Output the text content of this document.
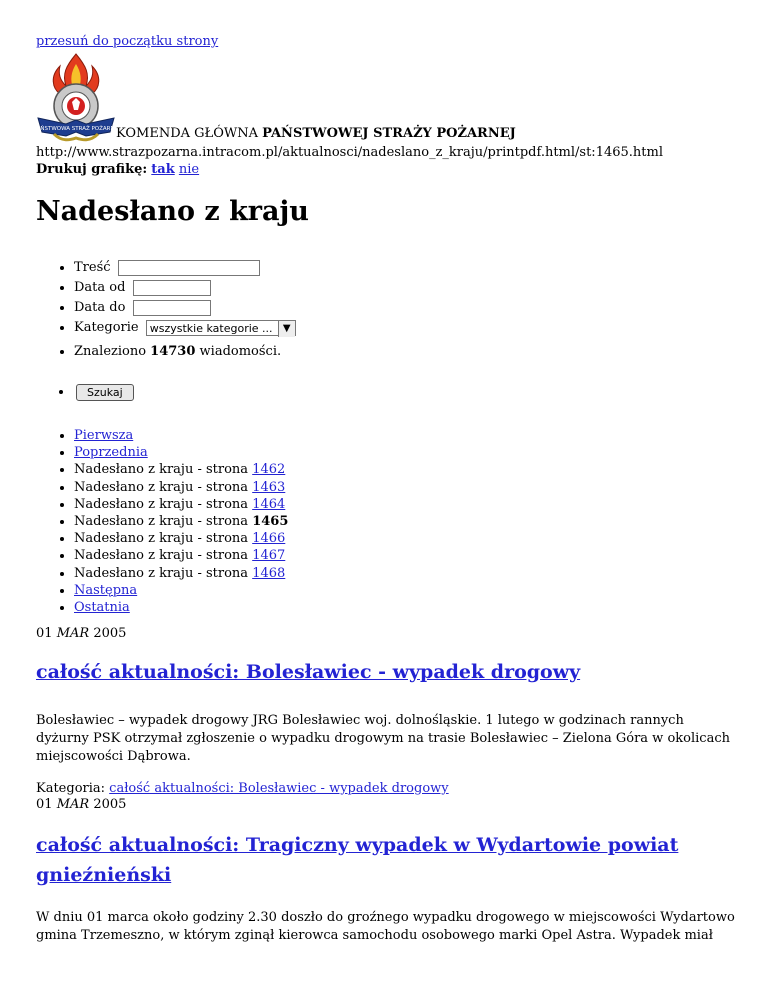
przesuń do początku strony
PAŃSTWOWA STRAŻ POŻARNA
KOMENDA GŁÓWNA PAŃSTWOWEJ STRAŻY POŻARNEJ
http://www.strazpozarna.intracom.pl/aktualnosci/nadeslano_z_kraju/printpdf.html/st:1465.html
Drukuj grafikę: tak nie
Nadesłano z kraju
• Treść
• Data od
• Data do
• Kategorie wszystkie kategorie ...	▼
• Znaleziono 14730 wiadomości.
• Szukaj
• Pierwsza
• Poprzednia
• Nadesłano z kraju - strona 1462
• Nadesłano z kraju - strona 1463
• Nadesłano z kraju - strona 1464
• Nadesłano z kraju - strona 1465
• Nadesłano z kraju - strona 1466
• Nadesłano z kraju - strona 1467
• Nadesłano z kraju - strona 1468
• Następna
• Ostatnia
01 MAR 2005
całość aktualności: Bolesławiec - wypadek drogowy

Bolesławiec – wypadek drogowy JRG Bolesławiec woj. dolnośląskie. 1 lutego w godzinach rannych dyżurny PSK otrzymał zgłoszenie o wypadku drogowym na trasie Bolesławiec – Zielona Góra w okolicach miejscowości Dąbrowa.

Kategoria: całość aktualności: Bolesławiec - wypadek drogowy
01 MAR 2005
całość aktualności: Tragiczny wypadek w Wydartowie powiat gnieźnieński

W dniu 01 marca około godziny 2.30 doszło do groźnego wypadku drogowego w miejscowości Wydartowo gmina Trzemeszno, w którym zginął kierowca samochodu osobowego marki Opel Astra. Wypadek miał
